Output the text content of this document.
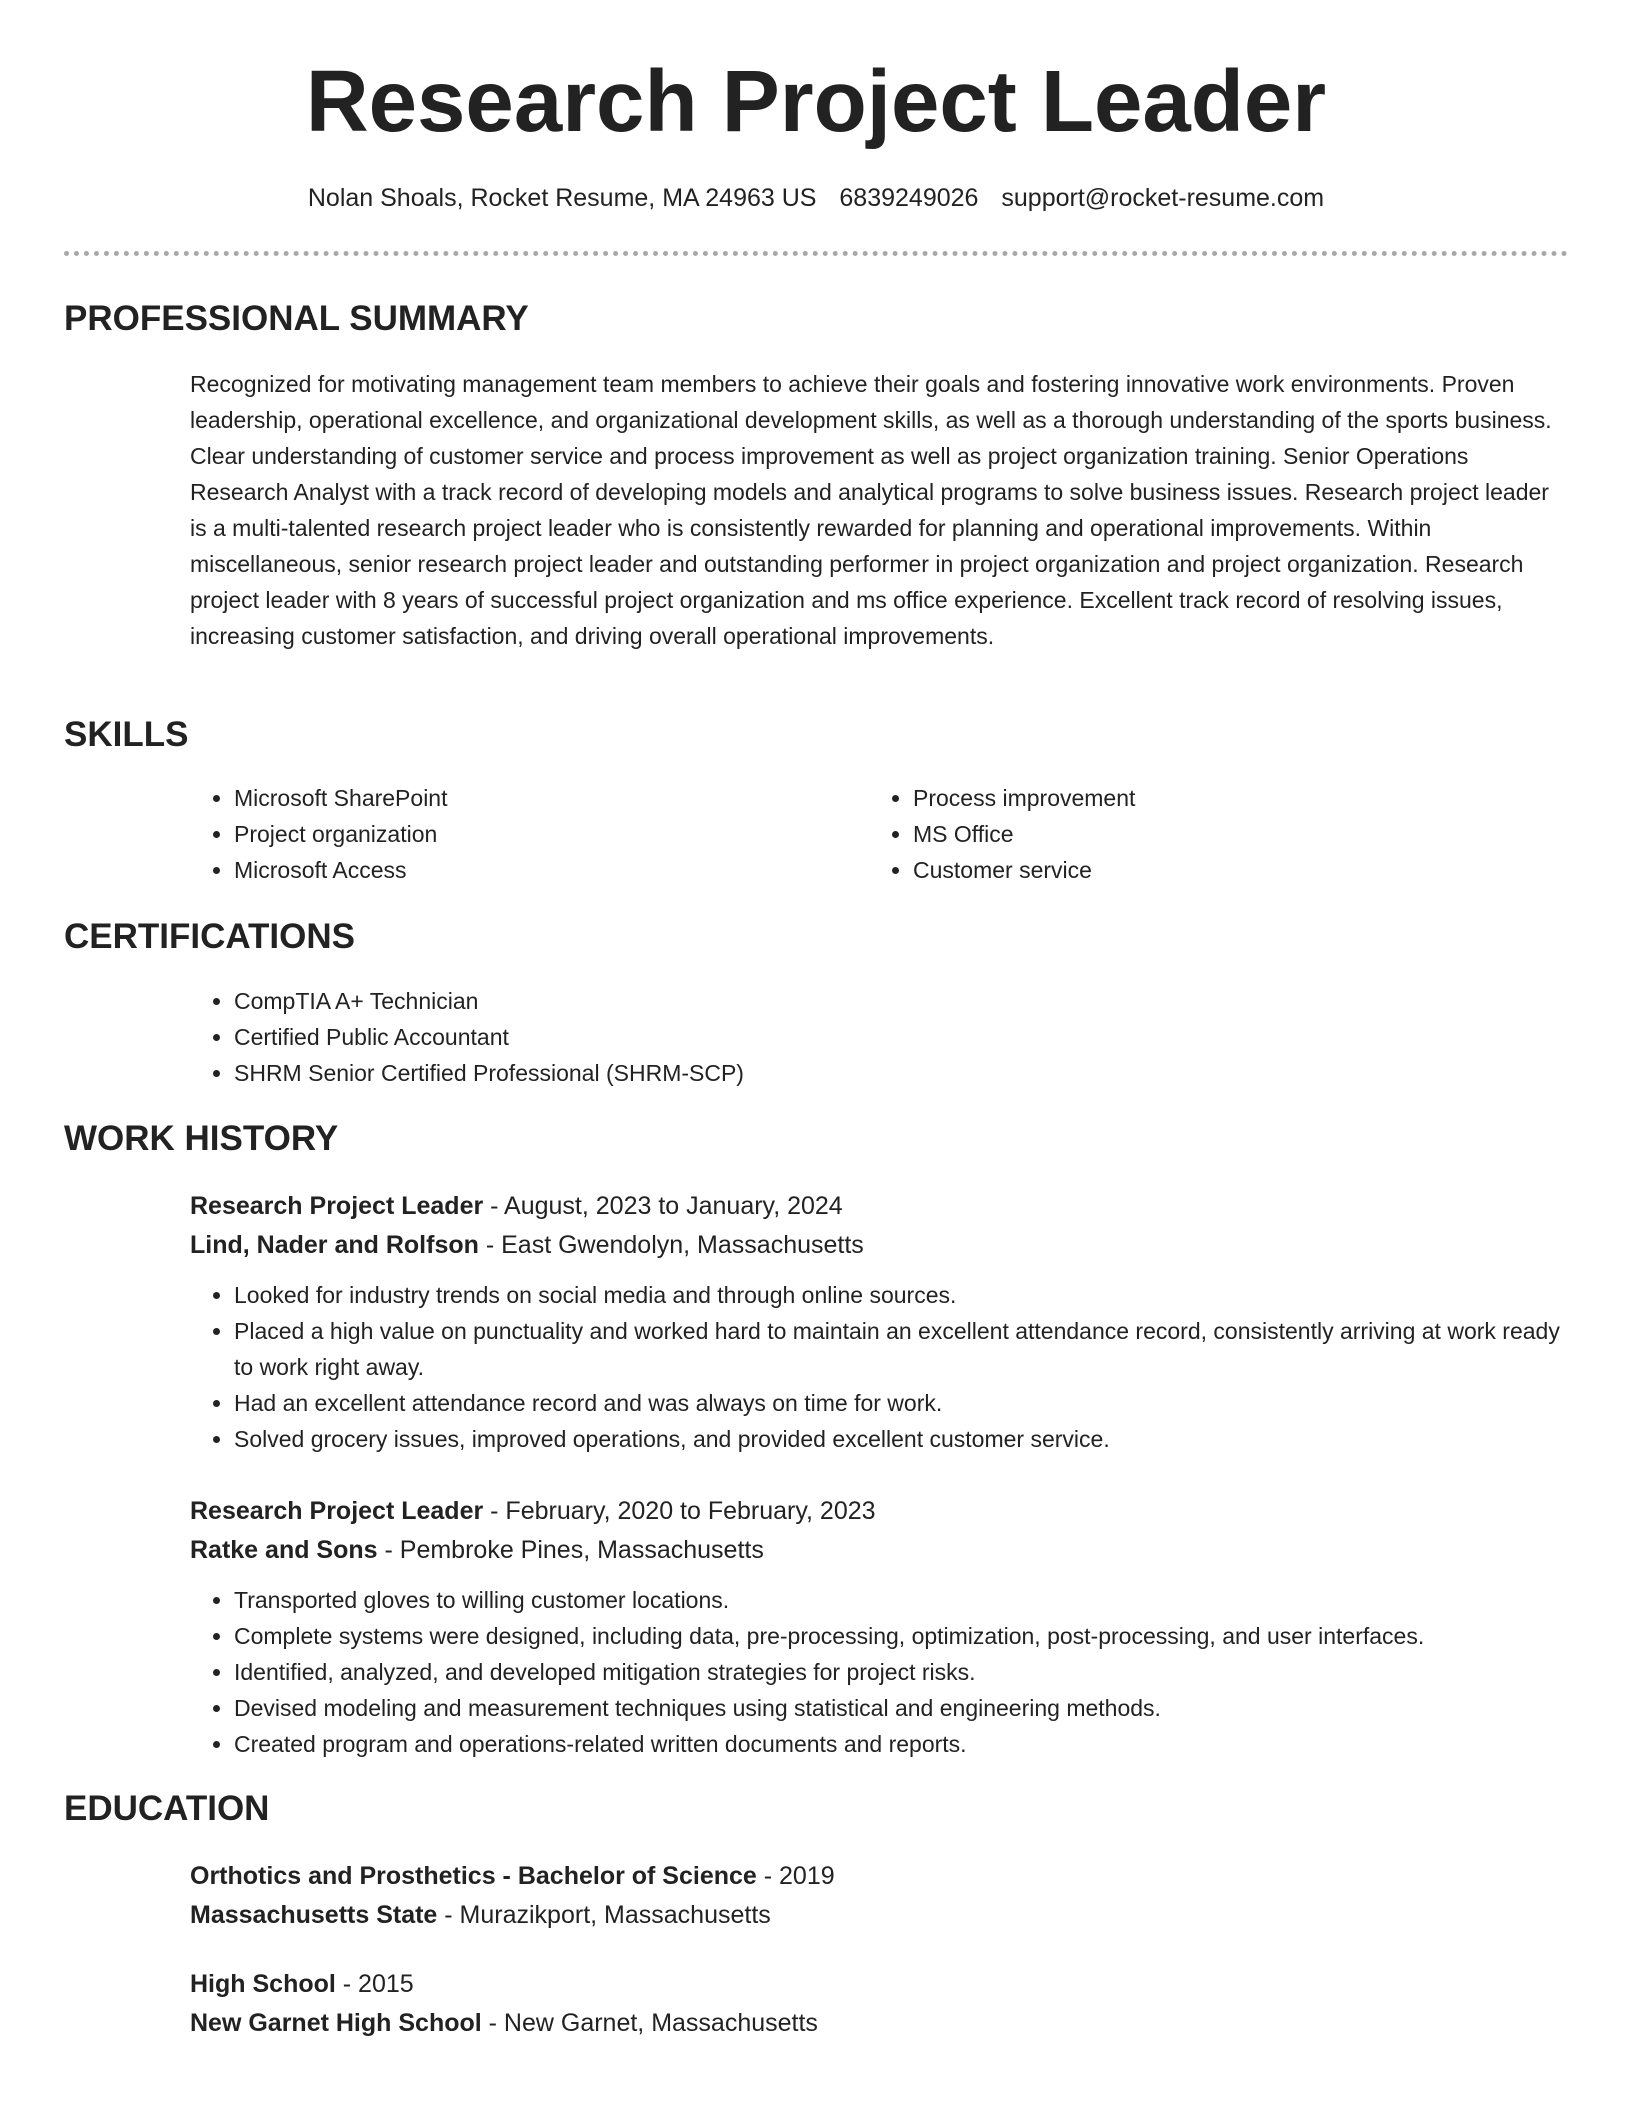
Research Project Leader
Nolan Shoals, Rocket Resume, MA 24963 US 6839249026 support@rocket-resume.com
PROFESSIONAL SUMMARY

Recognized for motivating management team members to achieve their goals and fostering innovative work environments. Proven leadership, operational excellence, and organizational development skills, as well as a thorough understanding of the sports business. Clear understanding of customer service and process improvement as well as project organization training. Senior Operations Research Analyst with a track record of developing models and analytical programs to solve business issues. Research project leader is a multi-talented research project leader who is consistently rewarded for planning and operational improvements. Within miscellaneous, senior research project leader and outstanding performer in project organization and project organization. Research project leader with 8 years of successful project organization and ms office experience. Excellent track record of resolving issues, increasing customer satisfaction, and driving overall operational improvements.

SKILLS
• Microsoft SharePoint
• Project organization
• Microsoft Access
• Process improvement
• MS Office
• Customer service
CERTIFICATIONS
• CompTIA A+ Technician
• Certified Public Accountant
• SHRM Senior Certified Professional (SHRM-SCP)
WORK HISTORY
Research Project Leader - August, 2023 to January, 2024
Lind, Nader and Rolfson - East Gwendolyn, Massachusetts
• Looked for industry trends on social media and through online sources.
• Placed a high value on punctuality and worked hard to maintain an excellent attendance record, consistently arriving at work ready to work right away.
• Had an excellent attendance record and was always on time for work.
• Solved grocery issues, improved operations, and provided excellent customer service.
Research Project Leader - February, 2020 to February, 2023
Ratke and Sons - Pembroke Pines, Massachusetts
• Transported gloves to willing customer locations.
• Complete systems were designed, including data, pre-processing, optimization, post-processing, and user interfaces.
• Identified, analyzed, and developed mitigation strategies for project risks.
• Devised modeling and measurement techniques using statistical and engineering methods.
• Created program and operations-related written documents and reports.
EDUCATION
Orthotics and Prosthetics - Bachelor of Science - 2019
Massachusetts State - Murazikport, Massachusetts
High School - 2015
New Garnet High School - New Garnet, Massachusetts
